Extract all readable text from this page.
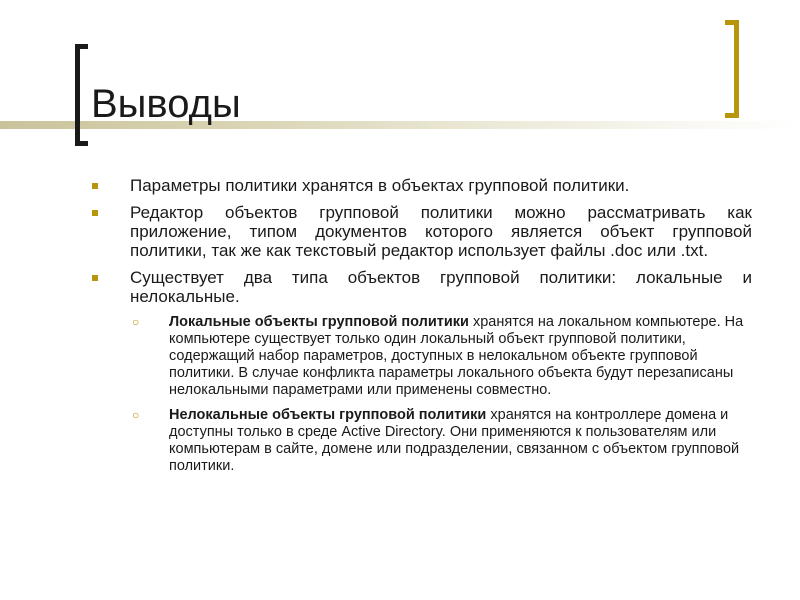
Выводы
Параметры политики хранятся в объектах групповой политики.
Редактор объектов групповой политики можно рассматривать как приложение, типом документов которого является объект групповой политики, так же как текстовый редактор использует файлы .doc или .txt.
Существует два типа объектов групповой политики: локальные и нелокальные.
○ Локальные объекты групповой политики хранятся на локальном компьютере. На компьютере существует только один локальный объект групповой политики, содержащий набор параметров, доступных в нелокальном объекте групповой политики. В случае конфликта параметры локального объекта будут перезаписаны нелокальными параметрами или применены совместно.
○ Нелокальные объекты групповой политики хранятся на контроллере домена и доступны только в среде Active Directory. Они применяются к пользователям или компьютерам в сайте, домене или подразделении, связанном с объектом групповой политики.
